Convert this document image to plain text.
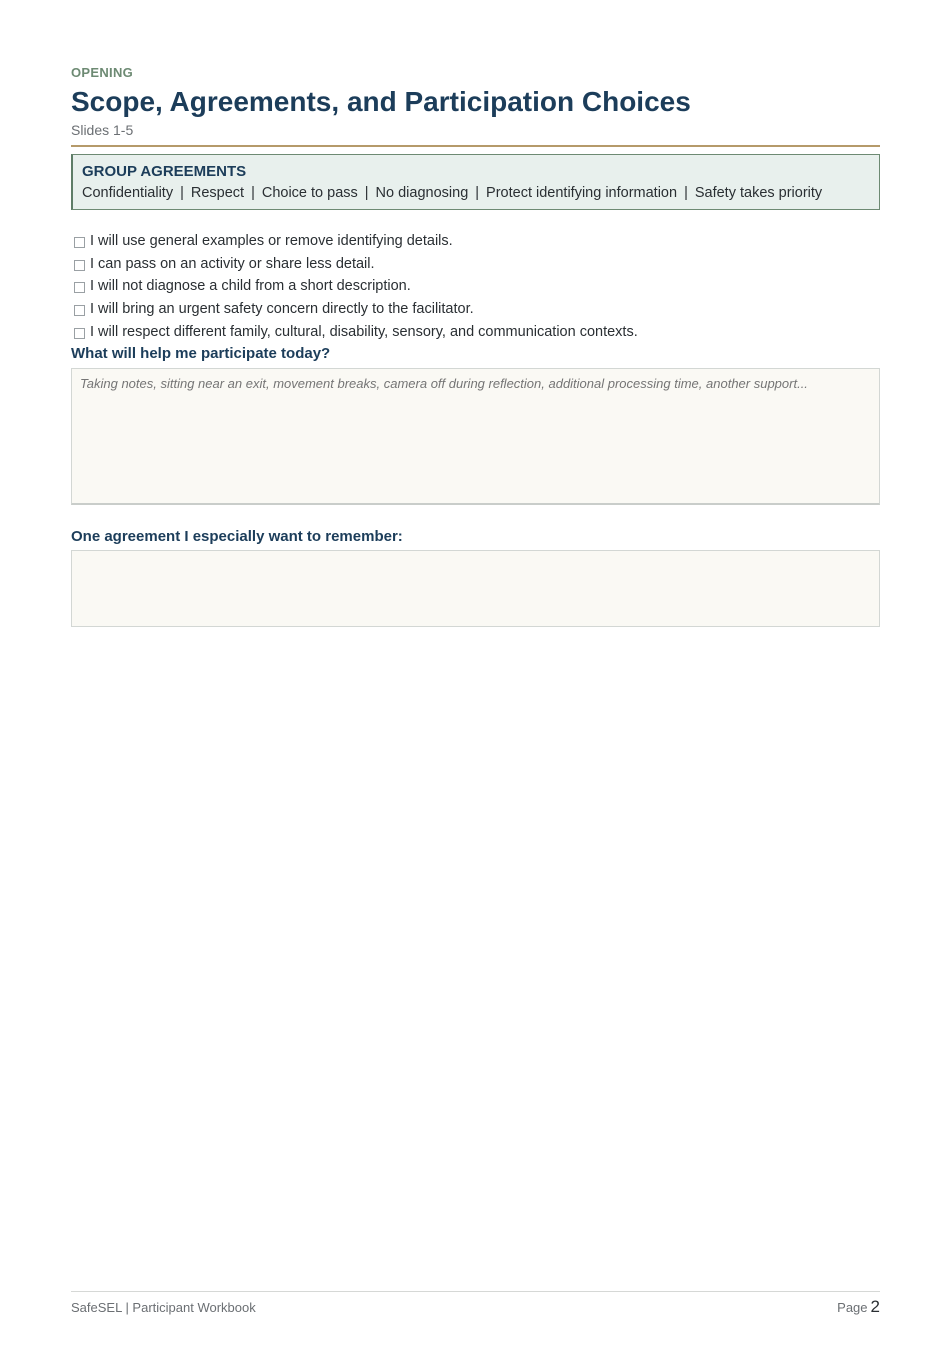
OPENING
Scope, Agreements, and Participation Choices
Slides 1-5
GROUP AGREEMENTS
Confidentiality | Respect | Choice to pass | No diagnosing | Protect identifying information | Safety takes priority
I will use general examples or remove identifying details.
I can pass on an activity or share less detail.
I will not diagnose a child from a short description.
I will bring an urgent safety concern directly to the facilitator.
I will respect different family, cultural, disability, sensory, and communication contexts.
What will help me participate today?
Taking notes, sitting near an exit, movement breaks, camera off during reflection, additional processing time, another support...
One agreement I especially want to remember:
SafeSEL | Participant Workbook	Page 2
